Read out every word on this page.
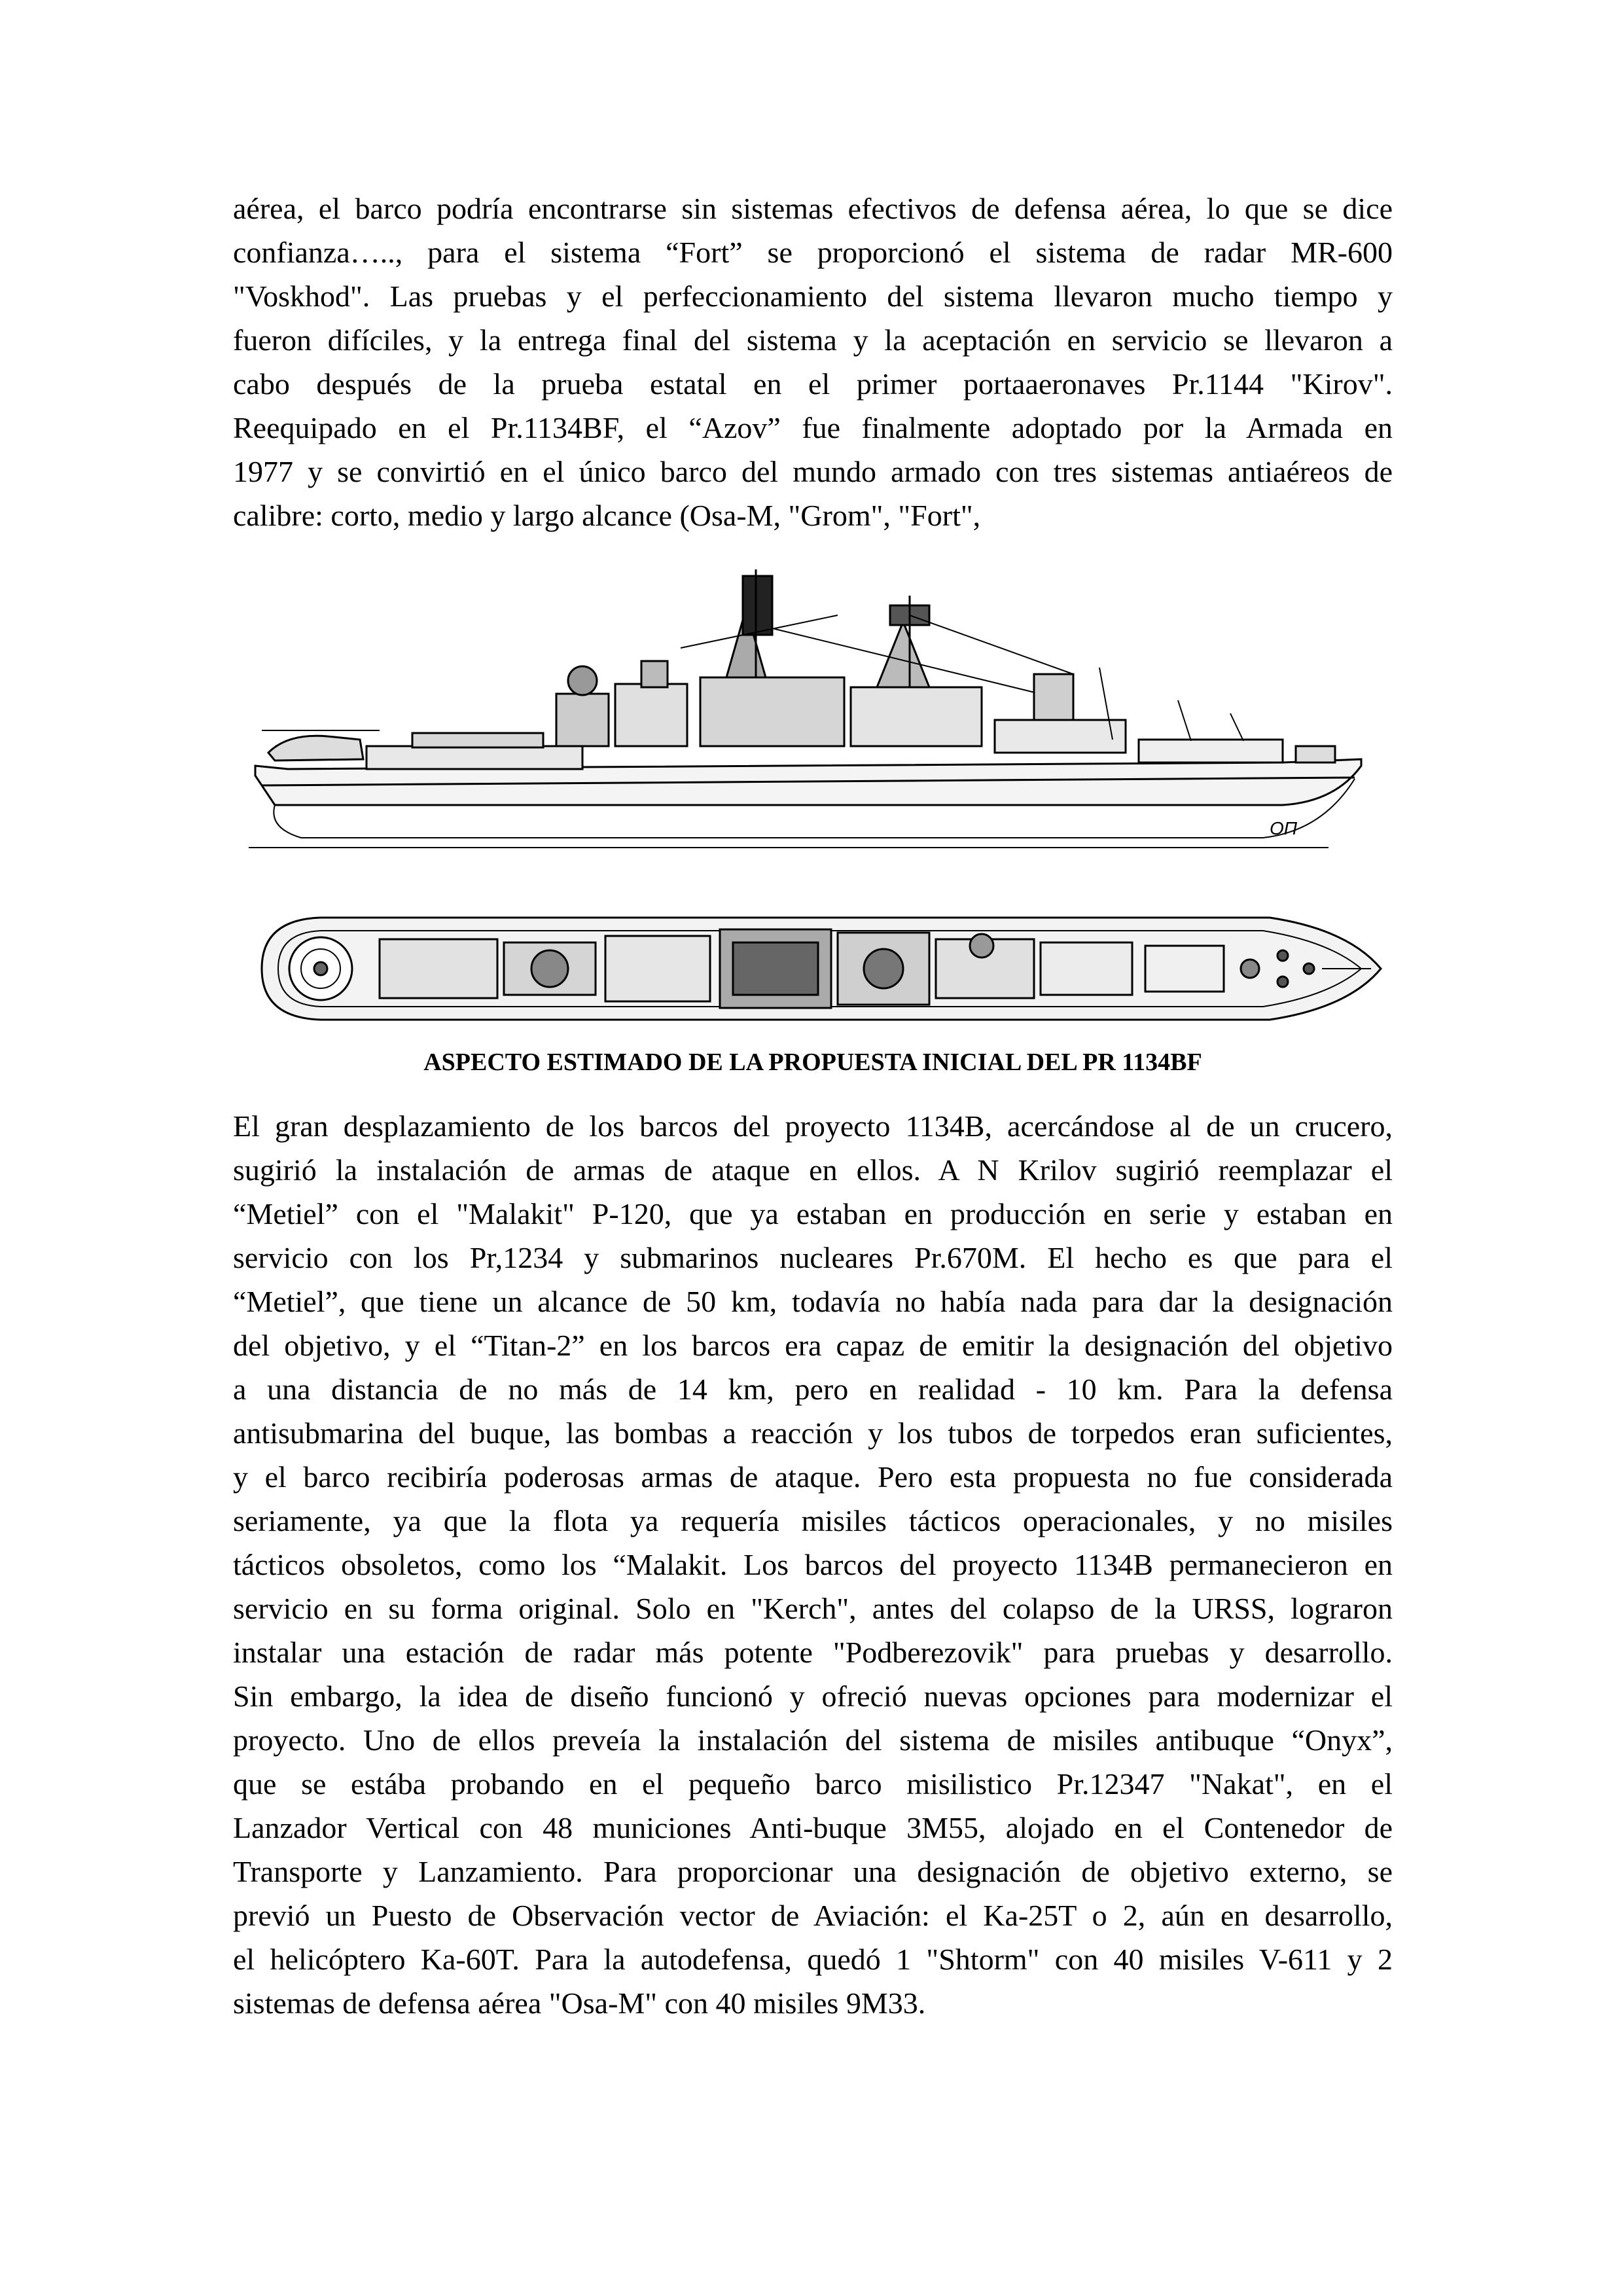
aérea, el barco podría encontrarse sin sistemas efectivos de defensa aérea, lo que se dice
confianza….., para el sistema “Fort” se proporcionó el sistema de radar MR-600
"Voskhod". Las pruebas y el perfeccionamiento del sistema llevaron mucho tiempo y
fueron difíciles, y la entrega final del sistema y la aceptación en servicio se llevaron a
cabo después de la prueba estatal en el primer portaaeronaves Pr.1144 "Kirov".
Reequipado en el Pr.1134BF, el “Azov” fue finalmente adoptado por la Armada en
1977 y se convirtió en el único barco del mundo armado con tres sistemas antiaéreos de
calibre: corto, medio y largo alcance (Osa-M, "Grom", "Fort",
ОП
ASPECTO ESTIMADO DE LA PROPUESTA INICIAL DEL PR 1134BF
El gran desplazamiento de los barcos del proyecto 1134B, acercándose al de un crucero,
sugirió la instalación de armas de ataque en ellos. A N Krilov sugirió reemplazar el
“Metiel” con el "Malakit" P-120, que ya estaban en producción en serie y estaban en
servicio con los Pr,1234 y submarinos nucleares Pr.670M. El hecho es que para el
“Metiel”, que tiene un alcance de 50 km, todavía no había nada para dar la designación
del objetivo, y el “Titan-2” en los barcos era capaz de emitir la designación del objetivo
a una distancia de no más de 14 km, pero en realidad - 10 km. Para la defensa
antisubmarina del buque, las bombas a reacción y los tubos de torpedos eran suficientes,
y el barco recibiría poderosas armas de ataque. Pero esta propuesta no fue considerada
seriamente, ya que la flota ya requería misiles tácticos operacionales, y no misiles
tácticos obsoletos, como los “Malakit. Los barcos del proyecto 1134B permanecieron en
servicio en su forma original. Solo en "Kerch", antes del colapso de la URSS, lograron
instalar una estación de radar más potente "Podberezovik" para pruebas y desarrollo.
Sin embargo, la idea de diseño funcionó y ofreció nuevas opciones para modernizar el
proyecto. Uno de ellos preveía la instalación del sistema de misiles antibuque “Onyx”,
que se estába probando en el pequeño barco misilistico Pr.12347 "Nakat", en el
Lanzador Vertical con 48 municiones Anti-buque 3M55, alojado en el Contenedor de
Transporte y Lanzamiento. Para proporcionar una designación de objetivo externo, se
previó un Puesto de Observación vector de Aviación: el Ka-25T o 2, aún en desarrollo,
el helicóptero Ka-60T. Para la autodefensa, quedó 1 "Shtorm" con 40 misiles V-611 y 2
sistemas de defensa aérea "Osa-M" con 40 misiles 9M33.
